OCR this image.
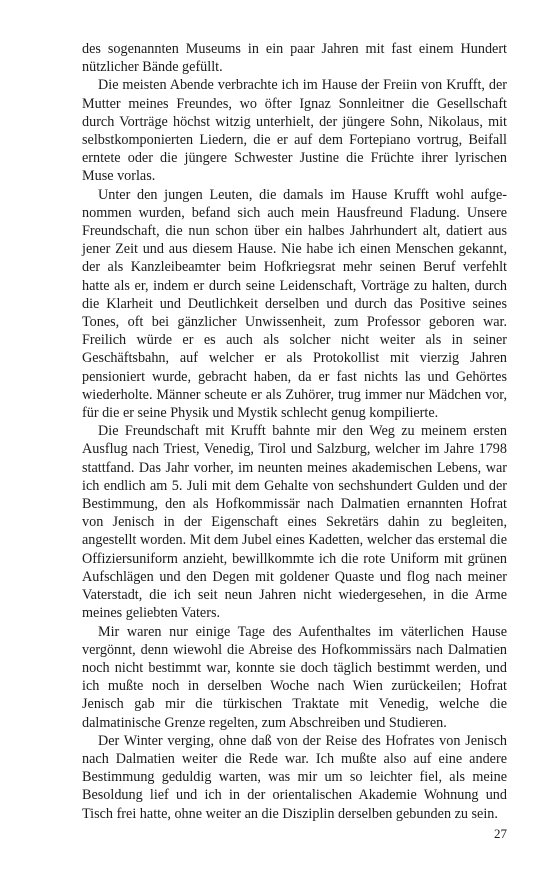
des sogenannten Museums in ein paar Jahren mit fast einem Hundert nützlicher Bände gefüllt.

Die meisten Abende verbrachte ich im Hause der Freiin von Krufft, der Mutter meines Freundes, wo öfter Ignaz Sonnleitner die Gesellschaft durch Vorträge höchst witzig unterhielt, der jüngere Sohn, Nikolaus, mit selbstkomponierten Liedern, die er auf dem Fortepiano vortrug, Beifall erntete oder die jüngere Schwester Justine die Früchte ihrer lyrischen Muse vorlas.

Unter den jungen Leuten, die damals im Hause Krufft wohl aufgenommen wurden, befand sich auch mein Hausfreund Fladung. Unsere Freundschaft, die nun schon über ein halbes Jahrhundert alt, datiert aus jener Zeit und aus diesem Hause. Nie habe ich einen Menschen gekannt, der als Kanzleibeamter beim Hofkriegsrat mehr seinen Beruf verfehlt hatte als er, indem er durch seine Leidenschaft, Vorträge zu halten, durch die Klarheit und Deutlichkeit derselben und durch das Positive seines Tones, oft bei gänzlicher Unwissenheit, zum Professor geboren war. Freilich würde er es auch als solcher nicht weiter als in seiner Geschäftsbahn, auf welcher er als Protokollist mit vierzig Jahren pensioniert wurde, gebracht haben, da er fast nichts las und Gehörtes wiederholte. Männer scheute er als Zuhörer, trug immer nur Mädchen vor, für die er seine Physik und Mystik schlecht genug kompilierte.

Die Freundschaft mit Krufft bahnte mir den Weg zu meinem ersten Ausflug nach Triest, Venedig, Tirol und Salzburg, welcher im Jahre 1798 stattfand. Das Jahr vorher, im neunten meines akademischen Lebens, war ich endlich am 5. Juli mit dem Gehalte von sechshundert Gulden und der Bestimmung, den als Hofkommissär nach Dalmatien ernannten Hofrat von Jenisch in der Eigenschaft eines Sekretärs dahin zu begleiten, angestellt worden. Mit dem Jubel eines Kadetten, welcher das erstemal die Offiziersuniform anzieht, bewillkommte ich die rote Uniform mit grünen Aufschlägen und den Degen mit goldener Quaste und flog nach meiner Vaterstadt, die ich seit neun Jahren nicht wiedergesehen, in die Arme meines geliebten Vaters.

Mir waren nur einige Tage des Aufenthaltes im väterlichen Hause vergönnt, denn wiewohl die Abreise des Hofkommissärs nach Dalmatien noch nicht bestimmt war, konnte sie doch täglich bestimmt werden, und ich mußte noch in derselben Woche nach Wien zurückeilen; Hofrat Jenisch gab mir die türkischen Traktate mit Venedig, welche die dalmatinische Grenze regelten, zum Abschreiben und Studieren.

Der Winter verging, ohne daß von der Reise des Hofrates von Jenisch nach Dalmatien weiter die Rede war. Ich mußte also auf eine andere Bestimmung geduldig warten, was mir um so leichter fiel, als meine Besoldung lief und ich in der orientalischen Akademie Wohnung und Tisch frei hatte, ohne weiter an die Disziplin derselben gebunden zu sein.

27
